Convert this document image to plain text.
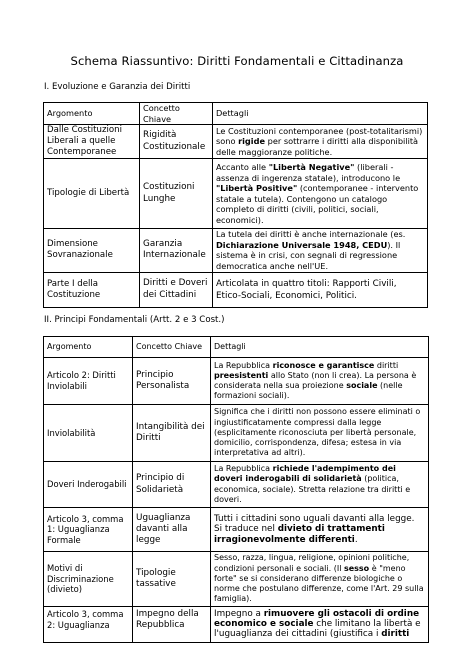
Schema Riassuntivo: Diritti Fondamentali e Cittadinanza
I. Evoluzione e Garanzia dei Diritti
Argomento	Concetto Chiave	Dettagli
Dalle Costituzioni Liberali a quelle Contemporanee	Rigidità Costituzionale	Le Costituzioni contemporanee (post-totalitarismi) sono rigide per sottrarre i diritti alla disponibilità delle maggioranze politiche.
Tipologie di Libertà	Costituzioni Lunghe	Accanto alle "Libertà Negative" (liberali - assenza di ingerenza statale), introducono le "Libertà Positive" (contemporanee - intervento statale a tutela). Contengono un catalogo completo di diritti (civili, politici, sociali, economici).
Dimensione Sovranazionale	Garanzia Internazionale	La tutela dei diritti è anche internazionale (es. Dichiarazione Universale 1948, CEDU). Il sistema è in crisi, con segnali di regressione democratica anche nell'UE.
Parte I della Costituzione	Diritti e Doveri dei Cittadini	Articolata in quattro titoli: Rapporti Civili, Etico-Sociali, Economici, Politici.
II. Principi Fondamentali (Artt. 2 e 3 Cost.)
Argomento	Concetto Chiave	Dettagli
Articolo 2: Diritti Inviolabili	Principio Personalista	La Repubblica riconosce e garantisce diritti preesistenti allo Stato (non li crea). La persona è considerata nella sua proiezione sociale (nelle formazioni sociali).
Inviolabilità	Intangibilità dei Diritti	Significa che i diritti non possono essere eliminati o ingiustificatamente compressi dalla legge (esplicitamente riconosciuta per libertà personale, domicilio, corrispondenza, difesa; estesa in via interpretativa ad altri).
Doveri Inderogabili	Principio di Solidarietà	La Repubblica richiede l'adempimento dei doveri inderogabili di solidarietà (politica, economica, sociale). Stretta relazione tra diritti e doveri.
Articolo 3, comma 1: Uguaglianza Formale	Uguaglianza davanti alla legge	Tutti i cittadini sono uguali davanti alla legge. Si traduce nel divieto di trattamenti irragionevolmente differenti.
Motivi di Discriminazione (divieto)	Tipologie tassative	Sesso, razza, lingua, religione, opinioni politiche, condizioni personali e sociali. (Il sesso è "meno forte" se si considerano differenze biologiche o norme che postulano differenze, come l'Art. 29 sulla famiglia).
Articolo 3, comma 2: Uguaglianza	Impegno della Repubblica	Impegno a rimuovere gli ostacoli di ordine economico e sociale che limitano la libertà e l'uguaglianza dei cittadini (giustifica i diritti
